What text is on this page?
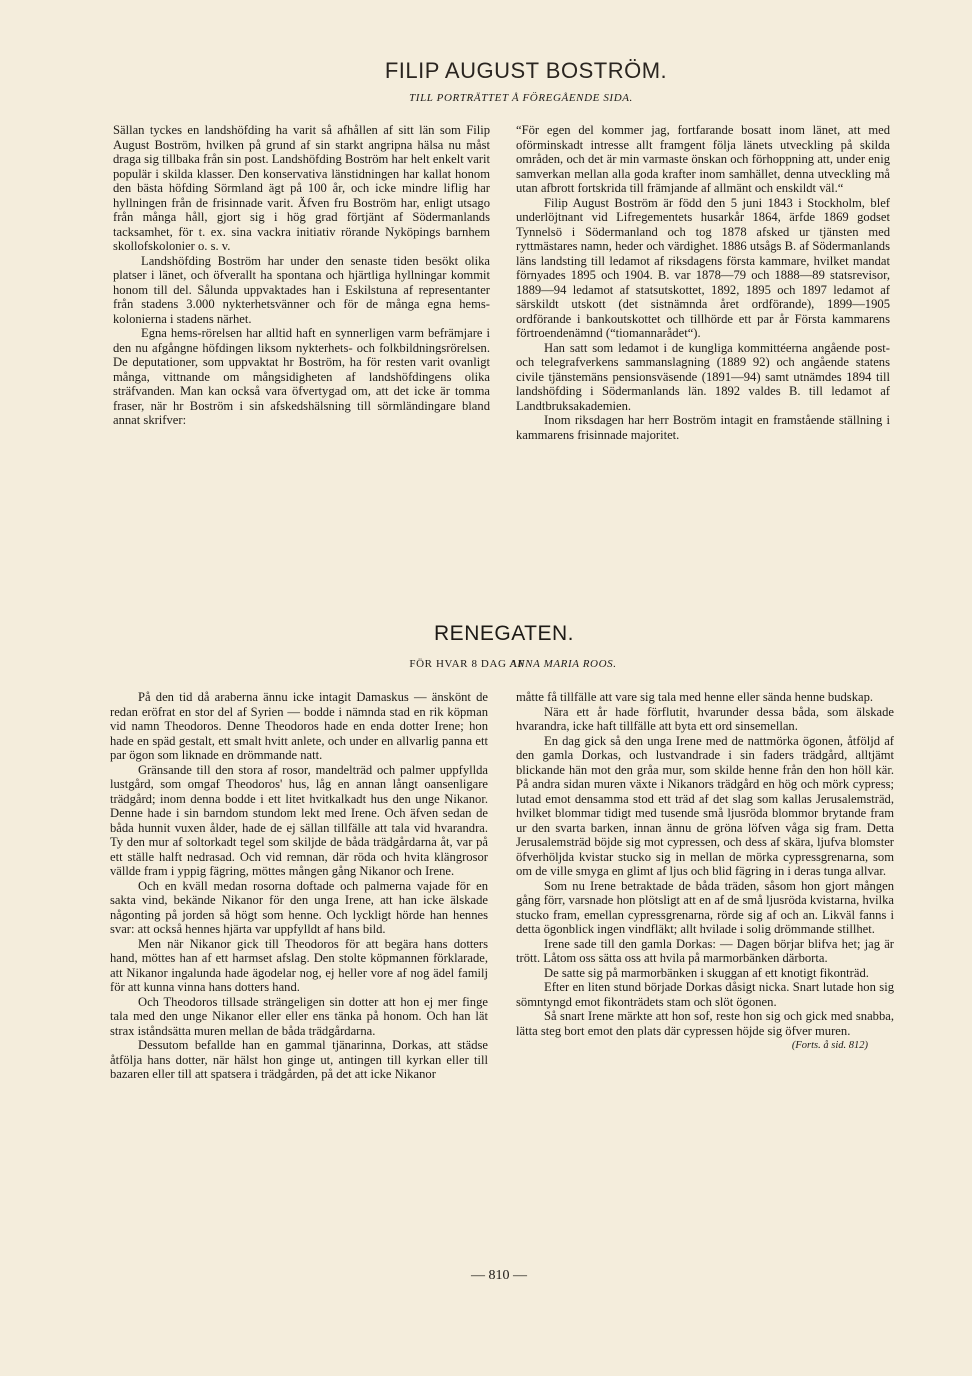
FILIP AUGUST BOSTRÖM.
TILL PORTRÄTTET Å FÖREGÅENDE SIDA.

Sällan tyckes en landshöfding ha varit så afhållen af sitt län som Filip August Boström, hvilken på grund af sin starkt angripna hälsa nu måst draga sig tillbaka från sin post. Landshöfding Boström har helt enkelt varit populär i skilda klasser. Den konservativa länstidningen har kallat honom den bästa höfding Sörmland ägt på 100 år, och icke mindre liflig har hyllningen från de frisinnade varit. Äfven fru Boström har, enligt utsago från många håll, gjort sig i hög grad förtjänt af Södermanlands tacksamhet, för t. ex. sina vackra initiativ rörande Nyköpings barnhem skollofskolonier o. s. v.

Landshöfding Boström har under den senaste tiden besökt olika platser i länet, och öfverallt ha spontana och hjärtliga hyllningar kommit honom till del. Sålunda uppvaktades han i Eskilstuna af representanter från stadens 3.000 nykterhetsvänner och för de många egna hems-kolonierna i stadens närhet.

Egna hems-rörelsen har alltid haft en synnerligen varm befrämjare i den nu afgångne höfdingen liksom nykterhets- och folkbildningsrörelsen. De deputationer, som uppvaktat hr Boström, ha för resten varit ovanligt många, vittnande om mångsidigheten af landshöfdingens olika sträfvanden. Man kan också vara öfvertygad om, att det icke är tomma fraser, när hr Boström i sin afskedshälsning till sörmländingare bland annat skrifver:

“För egen del kommer jag, fortfarande bosatt inom länet, att med oförminskadt intresse allt framgent följa länets utveckling på skilda områden, och det är min varmaste önskan och förhoppning att, under enig samverkan mellan alla goda krafter inom samhället, denna utveckling må utan afbrott fortskrida till främjande af allmänt och enskildt väl.“

Filip August Boström är född den 5 juni 1843 i Stockholm, blef underlöjtnant vid Lifregementets husarkår 1864, ärfde 1869 godset Tynnelsö i Södermanland och tog 1878 afsked ur tjänsten med ryttmästares namn, heder och värdighet. 1886 utsågs B. af Södermanlands läns landsting till ledamot af riksdagens första kammare, hvilket mandat förnyades 1895 och 1904. B. var 1878—79 och 1888—89 statsrevisor, 1889—94 ledamot af statsutskottet, 1892, 1895 och 1897 ledamot af särskildt utskott (det sistnämnda året ordförande), 1899—1905 ordförande i bankoutskottet och tillhörde ett par år Första kammarens förtroendenämnd (“tiomannarådet“).

Han satt som ledamot i de kungliga kommittéerna angående post- och telegrafverkens sammanslagning (1889 92) och angående statens civile tjänstemäns pensionsväsende (1891—94) samt utnämdes 1894 till landshöfding i Södermanlands län. 1892 valdes B. till ledamot af Landtbruksakademien.

Inom riksdagen har herr Boström intagit en framstående ställning i kammarens frisinnade majoritet.

RENEGATEN.
FÖR HVAR 8 DAG AF ANNA MARIA ROOS.

På den tid då araberna ännu icke intagit Damaskus — änskönt de redan eröfrat en stor del af Syrien — bodde i nämnda stad en rik köpman vid namn Theodoros. Denne Theodoros hade en enda dotter Irene; hon hade en späd gestalt, ett smalt hvitt anlete, och under en allvarlig panna ett par ögon som liknade en drömmande natt.

Gränsande till den stora af rosor, mandelträd och palmer uppfyllda lustgård, som omgaf Theodoros' hus, låg en annan långt oansenligare trädgård; inom denna bodde i ett litet hvitkalkadt hus den unge Nikanor. Denne hade i sin barndom stundom lekt med Irene. Och äfven sedan de båda hunnit vuxen ålder, hade de ej sällan tillfälle att tala vid hvarandra. Ty den mur af soltorkadt tegel som skiljde de båda trädgårdarna åt, var på ett ställe halft nedrasad. Och vid remnan, där röda och hvita klängrosor vällde fram i yppig fägring, möttes mången gång Nikanor och Irene.

Och en kväll medan rosorna doftade och palmerna vajade för en sakta vind, bekände Nikanor för den unga Irene, att han icke älskade någonting på jorden så högt som henne. Och lyckligt hörde han hennes svar: att också hennes hjärta var uppfylldt af hans bild.

Men när Nikanor gick till Theodoros för att begära hans dotters hand, möttes han af ett harmset afslag. Den stolte köpmannen förklarade, att Nikanor ingalunda hade ägodelar nog, ej heller vore af nog ädel familj för att kunna vinna hans dotters hand.

Och Theodoros tillsade strängeligen sin dotter att hon ej mer finge tala med den unge Nikanor eller eller ens tänka på honom. Och han lät strax iståndsätta muren mellan de båda trädgårdarna.

Dessutom befallde han en gammal tjänarinna, Dorkas, att städse åtfölja hans dotter, när hälst hon ginge ut, antingen till kyrkan eller till bazaren eller till att spatsera i trädgården, på det att icke Nikanor

måtte få tillfälle att vare sig tala med henne eller sända henne budskap.

Nära ett år hade förflutit, hvarunder dessa båda, som älskade hvarandra, icke haft tillfälle att byta ett ord sinsemellan.

En dag gick så den unga Irene med de nattmörka ögonen, åtföljd af den gamla Dorkas, och lustvandrade i sin faders trädgård, alltjämt blickande hän mot den gråa mur, som skilde henne från den hon höll kär. På andra sidan muren växte i Nikanors trädgård en hög och mörk cypress; lutad emot densamma stod ett träd af det slag som kallas Jerusalemsträd, hvilket blommar tidigt med tusende små ljusröda blommor brytande fram ur den svarta barken, innan ännu de gröna löfven våga sig fram. Detta Jerusalemsträd böjde sig mot cypressen, och dess af skära, ljufva blomster öfverhöljda kvistar stucko sig in mellan de mörka cypressgrenarna, som om de ville smyga en glimt af ljus och blid fägring in i deras tunga allvar.

Som nu Irene betraktade de båda träden, såsom hon gjort mången gång förr, varsnade hon plötsligt att en af de små ljusröda kvistarna, hvilka stucko fram, emellan cypressgrenarna, rörde sig af och an. Likväl fanns i detta ögonblick ingen vindfläkt; allt hvilade i solig drömmande stillhet.

Irene sade till den gamla Dorkas: — Dagen börjar blifva het; jag är trött. Låtom oss sätta oss att hvila på marmorbänken därborta.

De satte sig på marmorbänken i skuggan af ett knotigt fikonträd.

Efter en liten stund började Dorkas dåsigt nicka. Snart lutade hon sig sömntyngd emot fikonträdets stam och slöt ögonen.

Så snart Irene märkte att hon sof, reste hon sig och gick med snabba, lätta steg bort emot den plats där cypressen höjde sig öfver muren.

(Forts. å sid. 812)
— 810 —
